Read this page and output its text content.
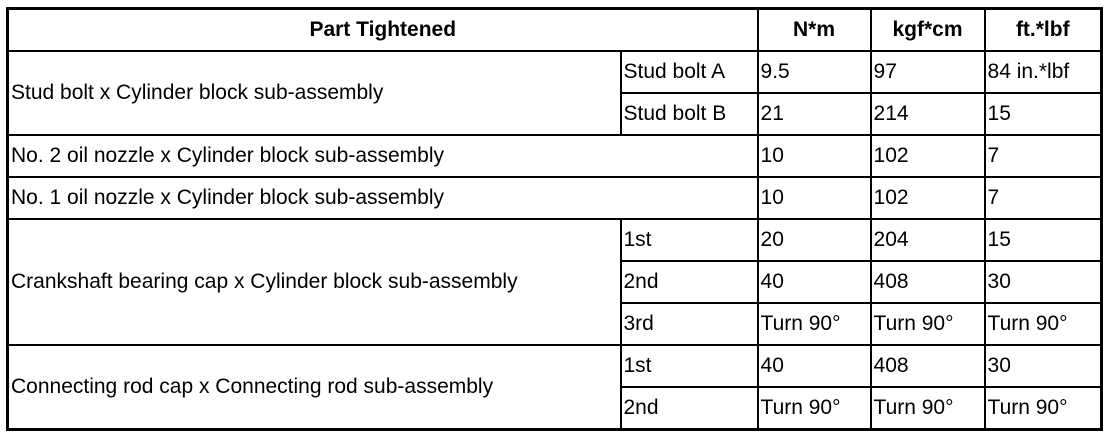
Part Tightened		N*m	kgf*cm	ft.*lbf
Stud bolt x Cylinder block sub-assembly	Stud bolt A	9.5	97	84 in.*lbf
	Stud bolt B	21	214	15
No. 2 oil nozzle x Cylinder block sub-assembly		10	102	7
No. 1 oil nozzle x Cylinder block sub-assembly		10	102	7
Crankshaft bearing cap x Cylinder block sub-assembly	1st	20	204	15
	2nd	40	408	30
	3rd	Turn 90°	Turn 90°	Turn 90°
Connecting rod cap x Connecting rod sub-assembly	1st	40	408	30
	2nd	Turn 90°	Turn 90°	Turn 90°
